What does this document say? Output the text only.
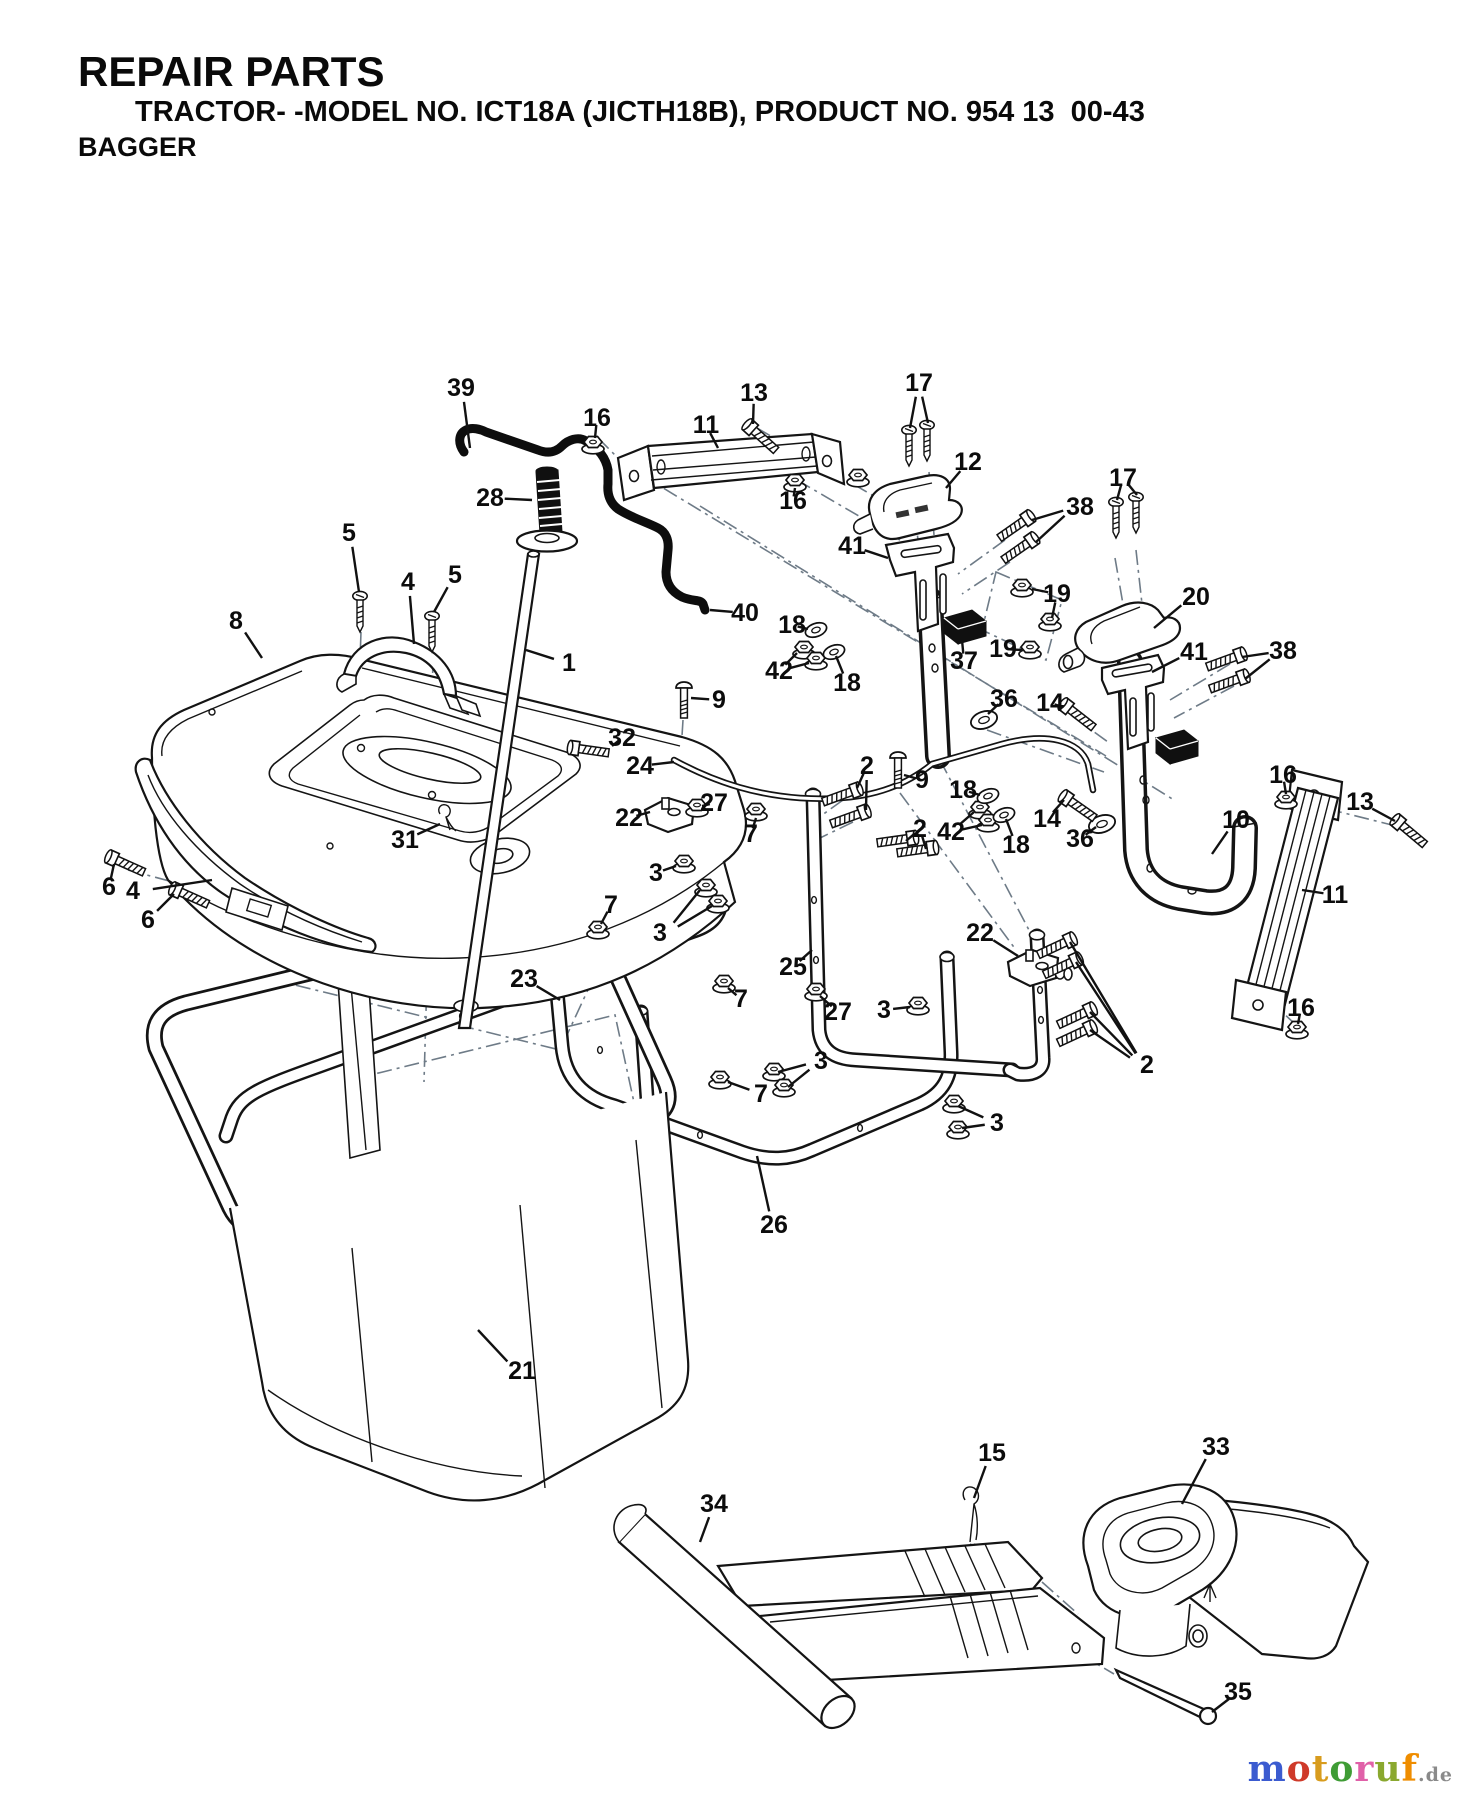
REPAIR PARTS
TRACTOR- -MODEL NO. ICT18A (JICTH18B), PRODUCT NO. 954 13  00-43
BAGGER
39
16
13
11
17
12
38
17
28	16
41
5
4 5
8
19	20
37 19	41 38
40 18
42 18
1
9	36 14
32
24	2 9 18
42
2
18
14
36
10
16
13
11
16
31
6 4
6
3
7
3
23	25
22
7	27 3
3	2
3
26
21
7
27
22
7
34
15	33
35
motoruf.de
